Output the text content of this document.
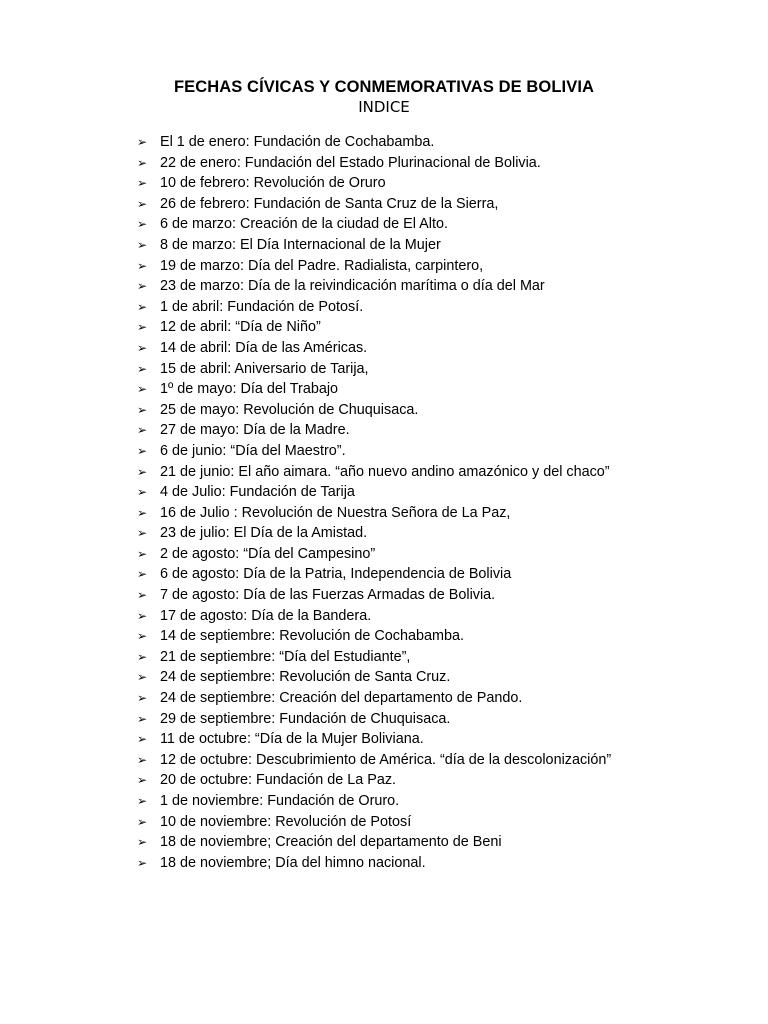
FECHAS CÍVICAS Y CONMEMORATIVAS DE BOLIVIA
INDICE
➢ El 1 de enero: Fundación de Cochabamba.
➢ 22 de enero: Fundación del Estado Plurinacional de Bolivia.
➢ 10 de febrero: Revolución de Oruro
➢ 26 de febrero: Fundación de Santa Cruz de la Sierra,
➢ 6 de marzo: Creación de la ciudad de El Alto.
➢ 8 de marzo: El Día Internacional de la Mujer
➢ 19 de marzo: Día del Padre. Radialista, carpintero,
➢ 23 de marzo: Día de la reivindicación marítima o día del Mar
➢ 1 de abril: Fundación de Potosí.
➢ 12 de abril: “Día de Niño”
➢ 14 de abril: Día de las Américas.
➢ 15 de abril: Aniversario de Tarija,
➢ 1º de mayo: Día del Trabajo
➢ 25 de mayo: Revolución de Chuquisaca.
➢ 27 de mayo: Día de la Madre.
➢ 6 de junio: “Día del Maestro”.
➢ 21 de junio: El año aimara. “año nuevo andino amazónico y del chaco”
➢ 4 de Julio: Fundación de Tarija
➢ 16 de Julio : Revolución de Nuestra Señora de La Paz,
➢ 23 de julio: El Día de la Amistad.
➢ 2 de agosto: “Día del Campesino”
➢ 6 de agosto: Día de la Patria, Independencia de Bolivia
➢ 7 de agosto: Día de las Fuerzas Armadas de Bolivia.
➢ 17 de agosto: Día de la Bandera.
➢ 14 de septiembre: Revolución de Cochabamba.
➢ 21 de septiembre: “Día del Estudiante”,
➢ 24 de septiembre: Revolución de Santa Cruz.
➢ 24 de septiembre: Creación del departamento de Pando.
➢ 29 de septiembre: Fundación de Chuquisaca.
➢ 11 de octubre: “Día de la Mujer Boliviana.
➢ 12 de octubre: Descubrimiento de América. “día de la descolonización”
➢ 20 de octubre: Fundación de La Paz.
➢ 1 de noviembre: Fundación de Oruro.
➢ 10 de noviembre: Revolución de Potosí
➢ 18 de noviembre; Creación del departamento de Beni
➢ 18 de noviembre; Día del himno nacional.
